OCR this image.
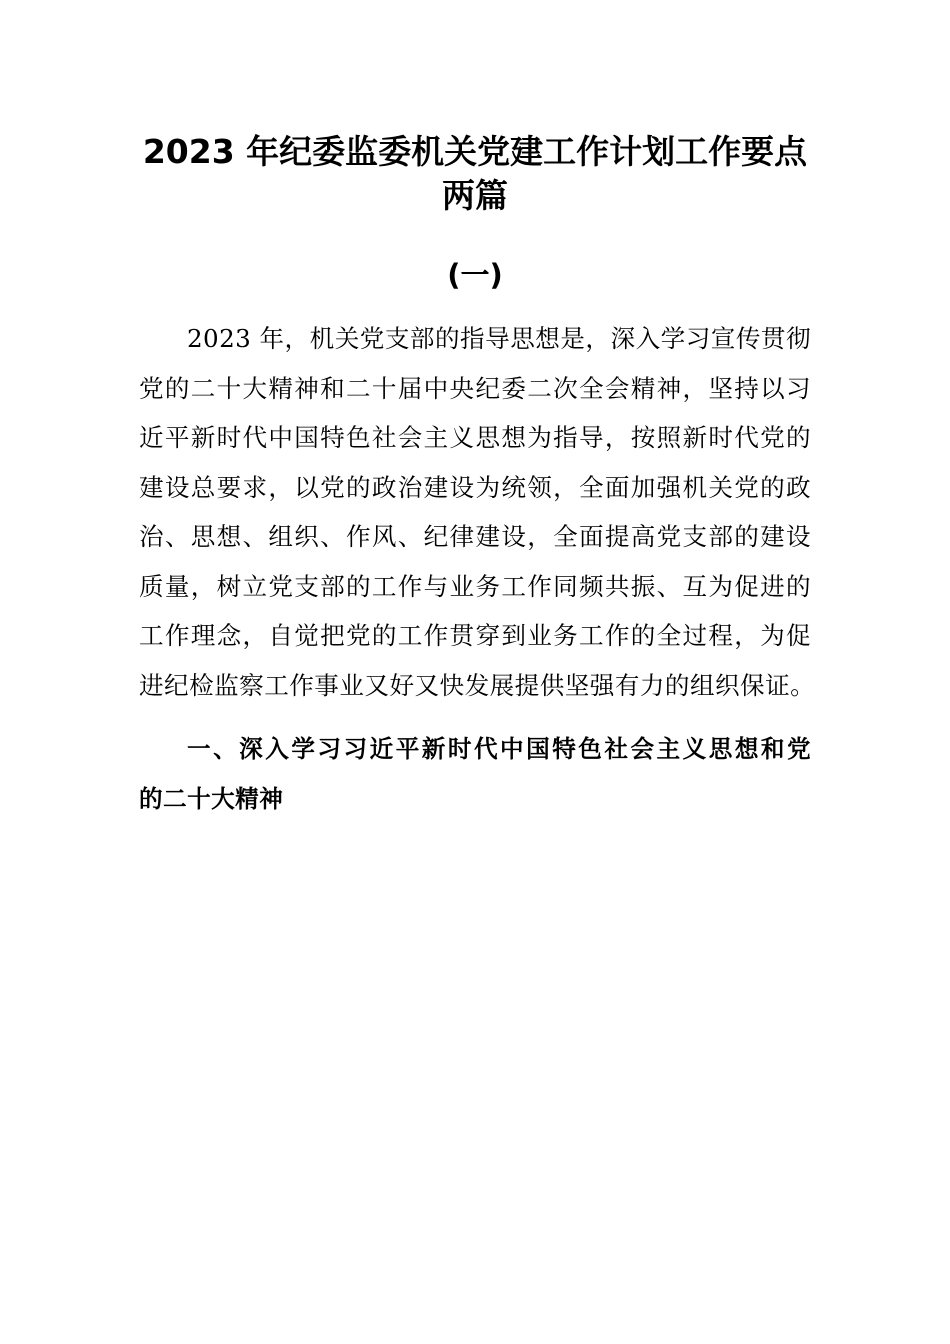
2023 年纪委监委机关党建工作计划工作要点
两篇
(一)
2023 年，机关党支部的指导思想是，深入学习宣传贯彻
党的二十大精神和二十届中央纪委二次全会精神，坚持以习
近平新时代中国特色社会主义思想为指导，按照新时代党的
建设总要求，以党的政治建设为统领，全面加强机关党的政
治、思想、组织、作风、纪律建设，全面提高党支部的建设
质量，树立党支部的工作与业务工作同频共振、互为促进的
工作理念，自觉把党的工作贯穿到业务工作的全过程，为促
进纪检监察工作事业又好又快发展提供坚强有力的组织保证。
一、深入学习习近平新时代中国特色社会主义思想和党
的二十大精神
